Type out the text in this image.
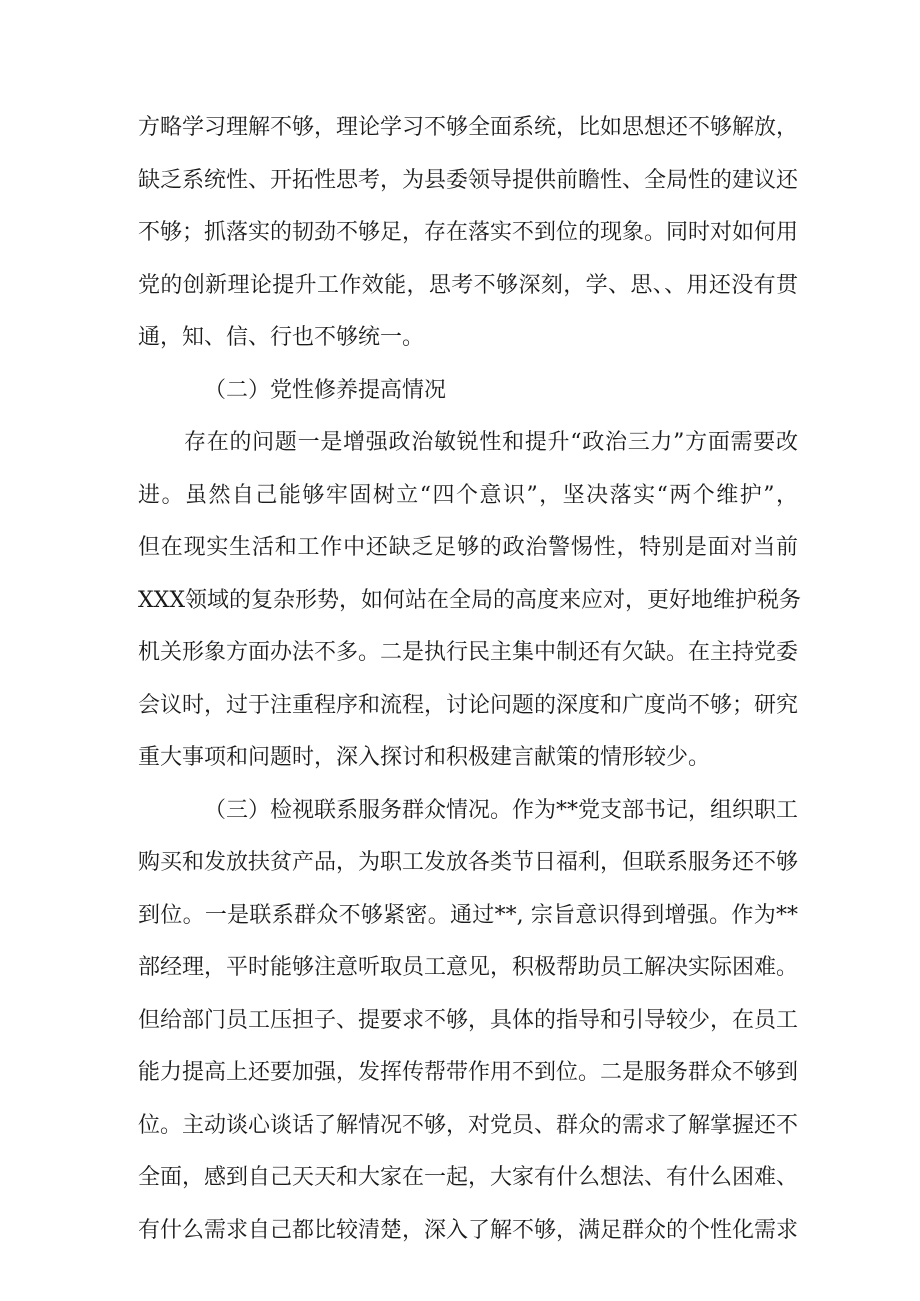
方略学习理解不够，理论学习不够全面系统，比如思想还不够解放，
缺乏系统性、开拓性思考，为县委领导提供前瞻性、全局性的建议还
不够；抓落实的韧劲不够足，存在落实不到位的现象。同时对如何用
党的创新理论提升工作效能，思考不够深刻，学、思、、用还没有贯
通，知、信、行也不够统一。
（二）党性修养提高情况
存在的问题一是增强政治敏锐性和提升“政治三力”方面需要改
进。虽然自己能够牢固树立“四个意识”，坚决落实“两个维护”，
但在现实生活和工作中还缺乏足够的政治警惕性，特别是面对当前
XXX领域的复杂形势，如何站在全局的高度来应对，更好地维护税务
机关形象方面办法不多。二是执行民主集中制还有欠缺。在主持党委
会议时，过于注重程序和流程，讨论问题的深度和广度尚不够；研究
重大事项和问题时，深入探讨和积极建言献策的情形较少。
（三）检视联系服务群众情况。作为**党支部书记，组织职工
购买和发放扶贫产品，为职工发放各类节日福利，但联系服务还不够
到位。一是联系群众不够紧密。通过**, 宗旨意识得到增强。作为**
部经理，平时能够注意听取员工意见，积极帮助员工解决实际困难。
但给部门员工压担子、提要求不够，具体的指导和引导较少，在员工
能力提高上还要加强，发挥传帮带作用不到位。二是服务群众不够到
位。主动谈心谈话了解情况不够，对党员、群众的需求了解掌握还不
全面，感到自己天天和大家在一起，大家有什么想法、有什么困难、
有什么需求自己都比较清楚，深入了解不够，满足群众的个性化需求
